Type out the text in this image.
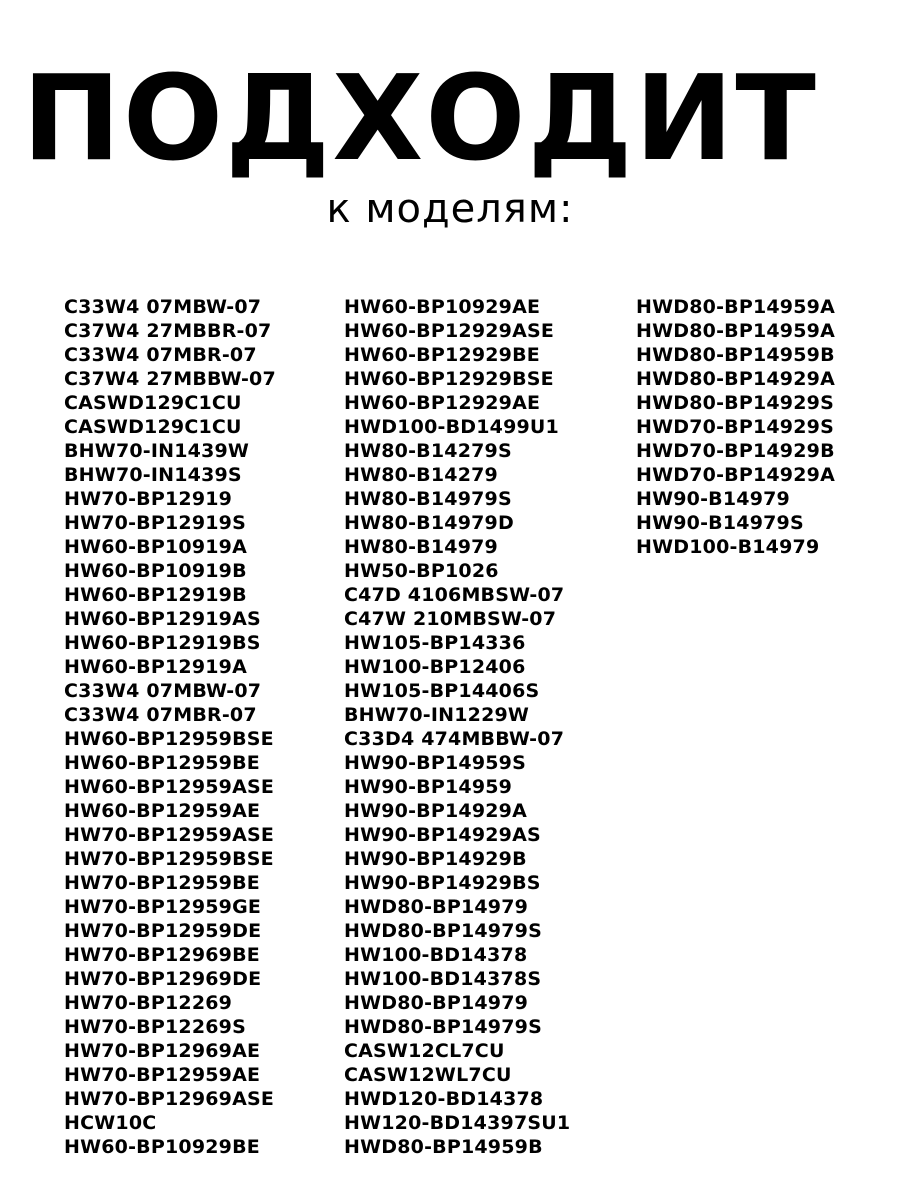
ПОДХОДИТ
к моделям:
C33W4 07MBW-07
C37W4 27MBBR-07
C33W4 07MBR-07
C37W4 27MBBW-07
CASWD129C1CU
CASWD129C1CU
BHW70-IN1439W
BHW70-IN1439S
HW70-BP12919
HW70-BP12919S
HW60-BP10919A
HW60-BP10919B
HW60-BP12919B
HW60-BP12919AS
HW60-BP12919BS
HW60-BP12919A
C33W4 07MBW-07
C33W4 07MBR-07
HW60-BP12959BSE
HW60-BP12959BE
HW60-BP12959ASE
HW60-BP12959AE
HW70-BP12959ASE
HW70-BP12959BSE
HW70-BP12959BE
HW70-BP12959GE
HW70-BP12959DE
HW70-BP12969BE
HW70-BP12969DE
HW70-BP12269
HW70-BP12269S
HW70-BP12969AE
HW70-BP12959AE
HW70-BP12969ASE
HCW10C
HW60-BP10929BE
HW60-BP10929AE
HW60-BP12929ASE
HW60-BP12929BE
HW60-BP12929BSE
HW60-BP12929AE
HWD100-BD1499U1
HW80-B14279S
HW80-B14279
HW80-B14979S
HW80-B14979D
HW80-B14979
HW50-BP1026
C47D 4106MBSW-07
C47W 210MBSW-07
HW105-BP14336
HW100-BP12406
HW105-BP14406S
BHW70-IN1229W
C33D4 474MBBW-07
HW90-BP14959S
HW90-BP14959
HW90-BP14929A
HW90-BP14929AS
HW90-BP14929B
HW90-BP14929BS
HWD80-BP14979
HWD80-BP14979S
HW100-BD14378
HW100-BD14378S
HWD80-BP14979
HWD80-BP14979S
CASW12CL7CU
CASW12WL7CU
HWD120-BD14378
HW120-BD14397SU1
HWD80-BP14959B
HWD80-BP14959A
HWD80-BP14959A
HWD80-BP14959B
HWD80-BP14929A
HWD80-BP14929S
HWD70-BP14929S
HWD70-BP14929B
HWD70-BP14929A
HW90-B14979
HW90-B14979S
HWD100-B14979
